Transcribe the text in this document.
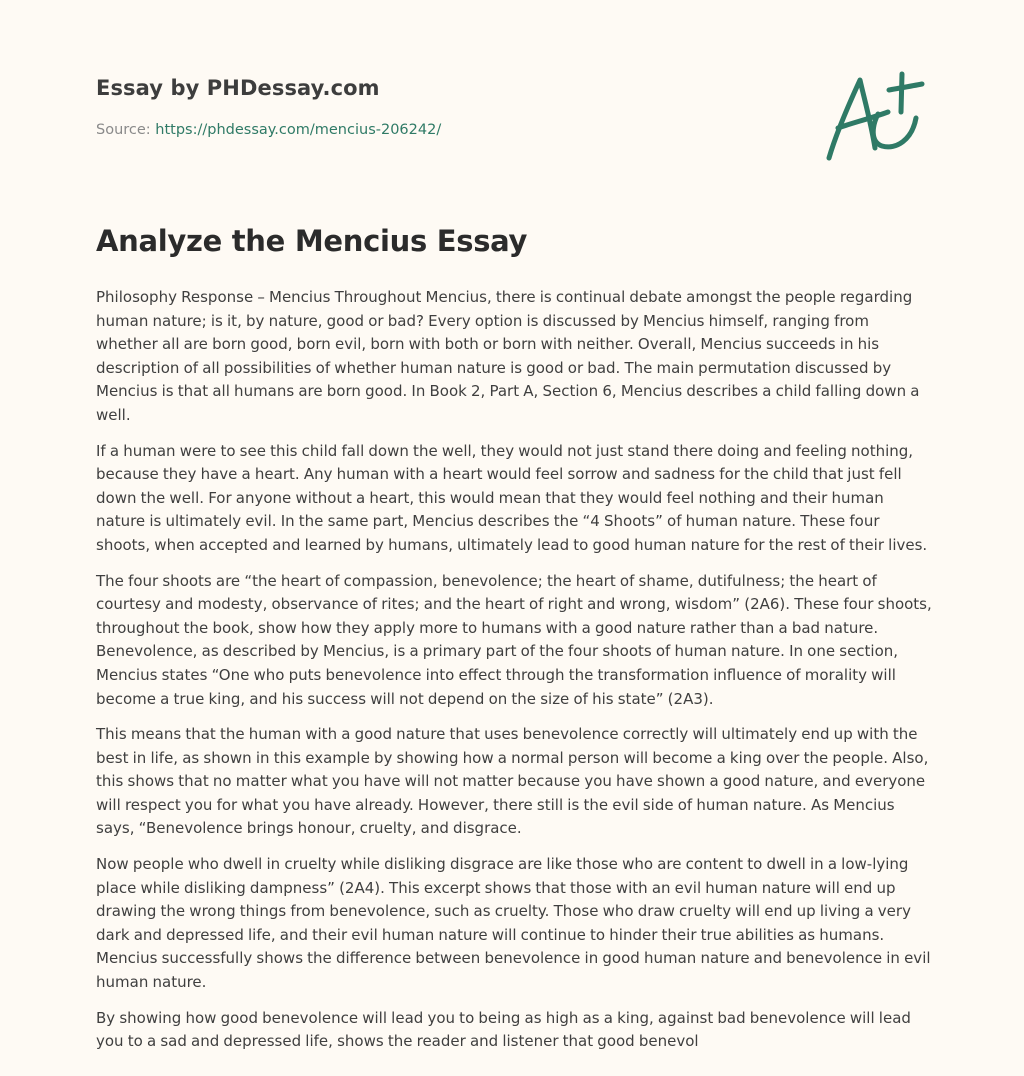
Essay by PHDessay.com
Source: https://phdessay.com/mencius-206242/
Analyze the Mencius Essay

Philosophy Response – Mencius Throughout Mencius, there is continual debate amongst the people regarding human nature; is it, by nature, good or bad? Every option is discussed by Mencius himself, ranging from whether all are born good, born evil, born with both or born with neither. Overall, Mencius succeeds in his description of all possibilities of whether human nature is good or bad. The main permutation discussed by Mencius is that all humans are born good. In Book 2, Part A, Section 6, Mencius describes a child falling down a well.

If a human were to see this child fall down the well, they would not just stand there doing and feeling nothing, because they have a heart. Any human with a heart would feel sorrow and sadness for the child that just fell down the well. For anyone without a heart, this would mean that they would feel nothing and their human nature is ultimately evil. In the same part, Mencius describes the “4 Shoots” of human nature. These four shoots, when accepted and learned by humans, ultimately lead to good human nature for the rest of their lives.

The four shoots are “the heart of compassion, benevolence; the heart of shame, dutifulness; the heart of courtesy and modesty, observance of rites; and the heart of right and wrong, wisdom” (2A6). These four shoots, throughout the book, show how they apply more to humans with a good nature rather than a bad nature. Benevolence, as described by Mencius, is a primary part of the four shoots of human nature. In one section, Mencius states “One who puts benevolence into effect through the transformation influence of morality will become a true king, and his success will not depend on the size of his state” (2A3).

This means that the human with a good nature that uses benevolence correctly will ultimately end up with the best in life, as shown in this example by showing how a normal person will become a king over the people. Also, this shows that no matter what you have will not matter because you have shown a good nature, and everyone will respect you for what you have already. However, there still is the evil side of human nature. As Mencius says, “Benevolence brings honour, cruelty, and disgrace.

Now people who dwell in cruelty while disliking disgrace are like those who are content to dwell in a low-lying place while disliking dampness” (2A4). This excerpt shows that those with an evil human nature will end up drawing the wrong things from benevolence, such as cruelty. Those who draw cruelty will end up living a very dark and depressed life, and their evil human nature will continue to hinder their true abilities as humans. Mencius successfully shows the difference between benevolence in good human nature and benevolence in evil human nature.

By showing how good benevolence will lead you to being as high as a king, against bad benevolence will lead you to a sad and depressed life, shows the reader and listener that good benevol
